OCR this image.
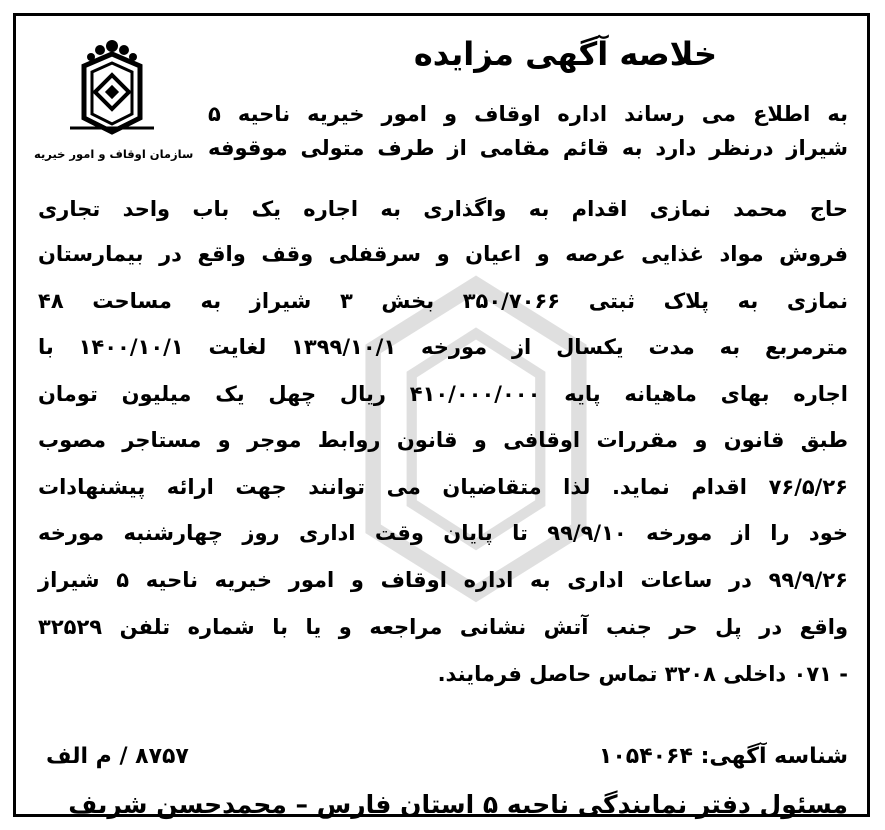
خلاصه آگهی مزایده
سازمان اوقاف و امور خیریه
به اطلاع می رساند اداره اوقاف و امور خیریه ناحیه ۵
شیراز درنظر دارد به قائم مقامی از طرف متولی موقوفه
حاج محمد نمازی اقدام به واگذاری به اجاره یک باب واحد تجاری
فروش مواد غذایی عرصه و اعیان و سرقفلی وقف واقع در بیمارستان
نمازی به پلاک ثبتی ۳۵۰/۷۰۶۶ بخش ۳ شیراز به مساحت ۴۸
مترمربع به مدت یکسال از مورخه ۱۳۹۹/۱۰/۱ لغایت ۱۴۰۰/۱۰/۱ با
اجاره بهای ماهیانه پایه ۴۱۰/۰۰۰/۰۰۰ ریال چهل یک میلیون تومان
طبق قانون و مقررات اوقافی و قانون روابط موجر و مستاجر مصوب
۷۶/۵/۲۶ اقدام نماید. لذا متقاضیان می توانند جهت ارائه پیشنهادات
خود را از مورخه ۹۹/۹/۱۰ تا پایان وقت اداری روز چهارشنبه مورخه
۹۹/۹/۲۶ در ساعات اداری به اداره اوقاف و امور خیریه ناحیه ۵ شیراز
واقع در پل حر جنب آتش نشانی مراجعه و یا با شماره تلفن ۳۲۵۲۹
- ۰۷۱ داخلی ۳۲۰۸ تماس حاصل فرمایند.
شناسه آگهی: ۱۰۵۴۰۶۴
۸۷۵۷ / م الف
مسئول دفتر نمایندگی ناحیه ۵ استان فارس – محمدحسن شریف
